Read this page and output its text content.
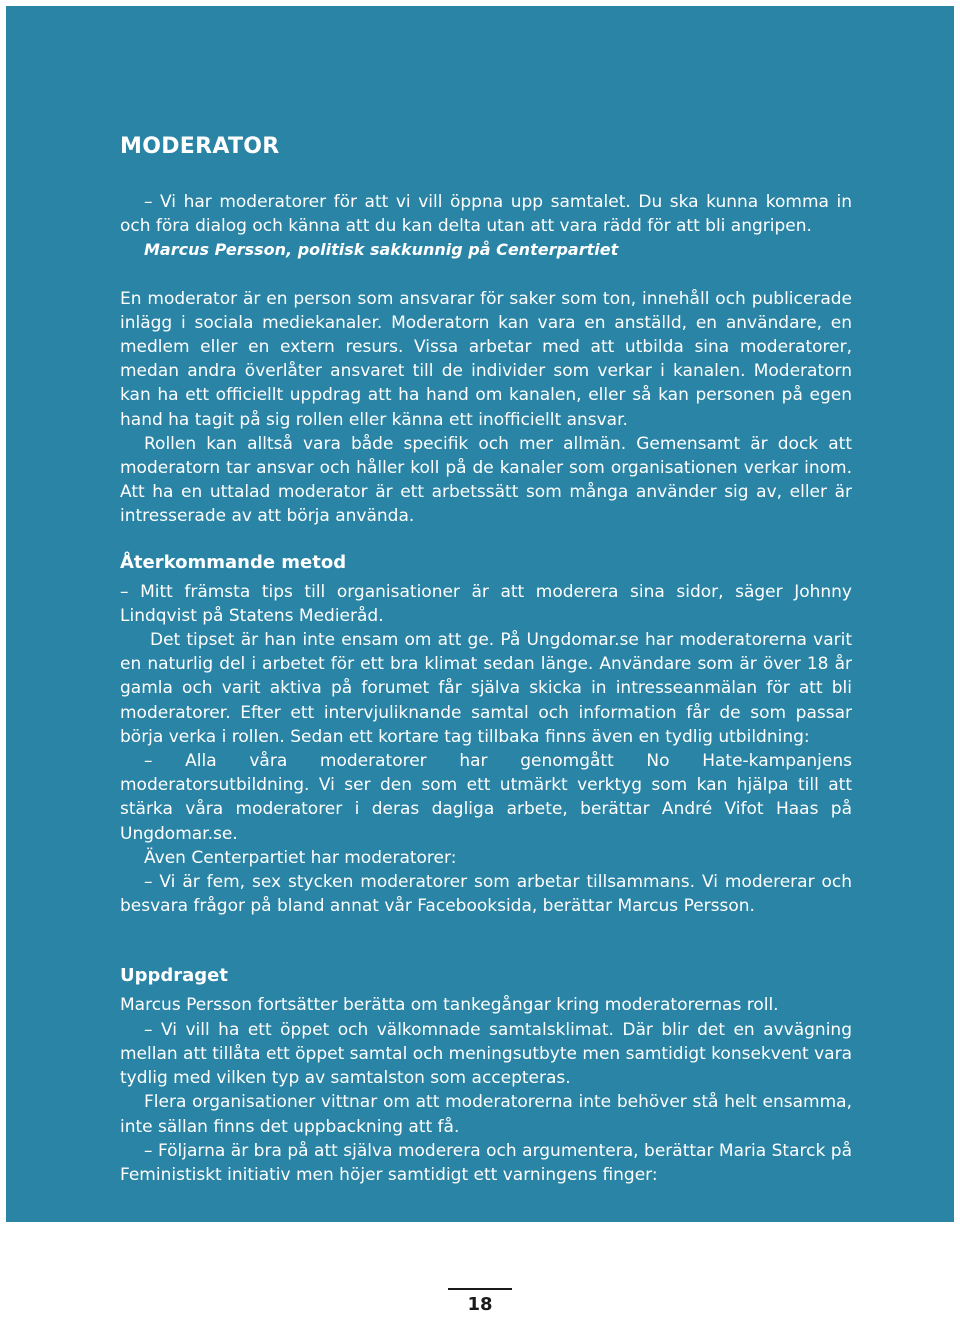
MODERATOR

– Vi har moderatorer för att vi vill öppna upp samtalet. Du ska kunna komma in och föra dialog och känna att du kan delta utan att vara rädd för att bli angripen.

Marcus Persson, politisk sakkunnig på Centerpartiet

En moderator är en person som ansvarar för saker som ton, innehåll och publicerade inlägg i sociala mediekanaler. Moderatorn kan vara en anställd, en användare, en medlem eller en extern resurs. Vissa arbetar med att utbilda sina moderatorer, medan andra överlåter ansvaret till de individer som verkar i kanalen. Moderatorn kan ha ett officiellt uppdrag att ha hand om kanalen, eller så kan personen på egen hand ha tagit på sig rollen eller känna ett inofficiellt ansvar.

Rollen kan alltså vara både specifik och mer allmän. Gemensamt är dock att moderatorn tar ansvar och håller koll på de kanaler som organisationen verkar inom. Att ha en uttalad moderator är ett arbetssätt som många använder sig av, eller är intresserade av att börja använda.

Återkommande metod

– Mitt främsta tips till organisationer är att moderera sina sidor, säger Johnny Lindqvist på Statens Medieråd.

Det tipset är han inte ensam om att ge. På Ungdomar.se har moderatorerna varit en naturlig del i arbetet för ett bra klimat sedan länge. Användare som är över 18 år gamla och varit aktiva på forumet får själva skicka in intresseanmälan för att bli moderatorer. Efter ett intervjuliknande samtal och information får de som passar börja verka i rollen. Sedan ett kortare tag tillbaka finns även en tydlig utbildning:

– Alla våra moderatorer har genomgått No Hate-kampanjens moderatorsutbildning. Vi ser den som ett utmärkt verktyg som kan hjälpa till att stärka våra moderatorer i deras dagliga arbete, berättar André Vifot Haas på Ungdomar.se.

Även Centerpartiet har moderatorer:

– Vi är fem, sex stycken moderatorer som arbetar tillsammans. Vi modererar och besvara frågor på bland annat vår Facebooksida, berättar Marcus Persson.

Uppdraget

Marcus Persson fortsätter berätta om tankegångar kring moderatorernas roll.

– Vi vill ha ett öppet och välkomnade samtalsklimat. Där blir det en avvägning mellan att tillåta ett öppet samtal och meningsutbyte men samtidigt konsekvent vara tydlig med vilken typ av samtalston som accepteras.

Flera organisationer vittnar om att moderatorerna inte behöver stå helt ensamma, inte sällan finns det uppbackning att få.

– Följarna är bra på att själva moderera och argumentera, berättar Maria Starck på Feministiskt initiativ men höjer samtidigt ett varningens finger:

18
